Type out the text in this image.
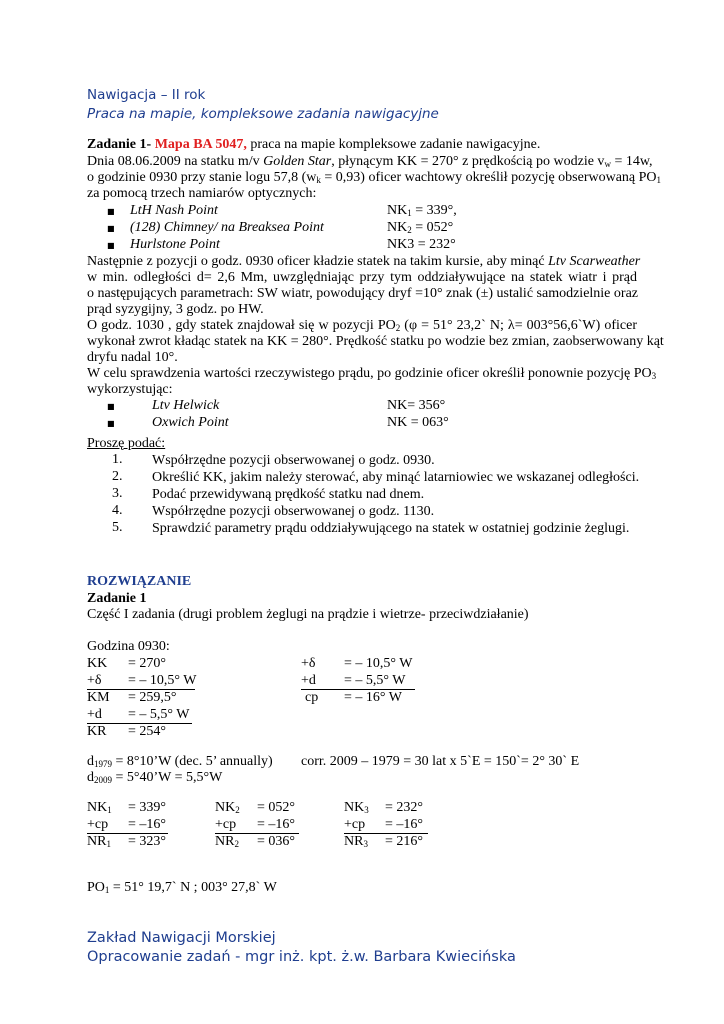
Nawigacja – II rok
Praca na mapie, kompleksowe zadania nawigacyjne
Zadanie 1- Mapa BA 5047, praca na mapie kompleksowe zadanie nawigacyjne.
Dnia 08.06.2009 na statku m/v Golden Star, płynącym KK = 270° z prędkością po wodzie $v_w = 14w$,
o godzinie 0930 przy stanie logu 57,8 $(w_k = 0,93)$ oficer wachtowy określił pozycję obserwowaną $PO_1$
za pomocą trzech namiarów optycznych:
■ LtH Nash Point	$NK_1 = 339^\circ$,
■ (128) Chimney/ na Breaksea Point	$NK_2 = 052^\circ$
■ Hurlstone Point	NK3 = 232°
Następnie z pozycji o godz. 0930 oficer kładzie statek na takim kursie, aby minąć Ltv Scarweather
w min. odległości d= 2,6 Mm, uwzględniając przy tym oddziaływujące na statek wiatr i prąd
o następujących parametrach: SW wiatr, powodujący dryf =10° znak (±) ustalić samodzielnie oraz
prąd syzygijny, 3 godz. po HW.
O godz. 1030 , gdy statek znajdował się w pozycji $PO_2$ (φ = 51° 23,2` N; λ= 003°56,6`W) oficer
wykonał zwrot kładąc statek na KK = 280°. Prędkość statku po wodzie bez zmian, zaobserwowany kąt
dryfu nadal 10°.
W celu sprawdzenia wartości rzeczywistego prądu, po godzinie oficer określił ponownie pozycję $PO_3$
wykorzystując:
■	Ltv Helwick	NK= 356°
■	Oxwich Point	NK = 063°
Proszę podać:
1. Współrzędne pozycji obserwowanej o godz. 0930.
2. Określić KK, jakim należy sterować, aby minąć latarniowiec we wskazanej odległości.
3. Podać przewidywaną prędkość statku nad dnem.
4. Współrzędne pozycji obserwowanej o godz. 1130.
5. Sprawdzić parametry prądu oddziaływującego na statek w ostatniej godzinie żeglugi.
ROZWIĄZANIE
Zadanie 1
Część I zadania (drugi problem żeglugi na prądzie i wietrze- przeciwdziałanie)
Godzina 0930:
KK = 270°
+δ = – 10,5° W
KM = 259,5°
+d = – 5,5° W
KR = 254°
+δ = – 10,5° W
+d = – 5,5° W
cp = – 16° W
$d_{1979}$ = 8°10’W (dec. 5’ annually) corr. 2009 – 1979 = 30 lat x 5`E = 150`= 2° 30` E
$d_{2009}$ = 5°40’W = 5,5°W
$NK_1 = 339^\circ$
+cp = –16°
$NR_1 = 323^\circ$
$NK_2 = 052^\circ$
+cp = –16°
$NR_2 = 036^\circ$
$NK_3 = 232^\circ$
+cp = –16°
$NR_3 = 216^\circ$
$PO_1 = 51^\circ$ 19,7` N ; 003° 27,8` W
Zakład Nawigacji Morskiej
Opracowanie zadań - mgr inż. kpt. ż.w. Barbara Kwiecińska
